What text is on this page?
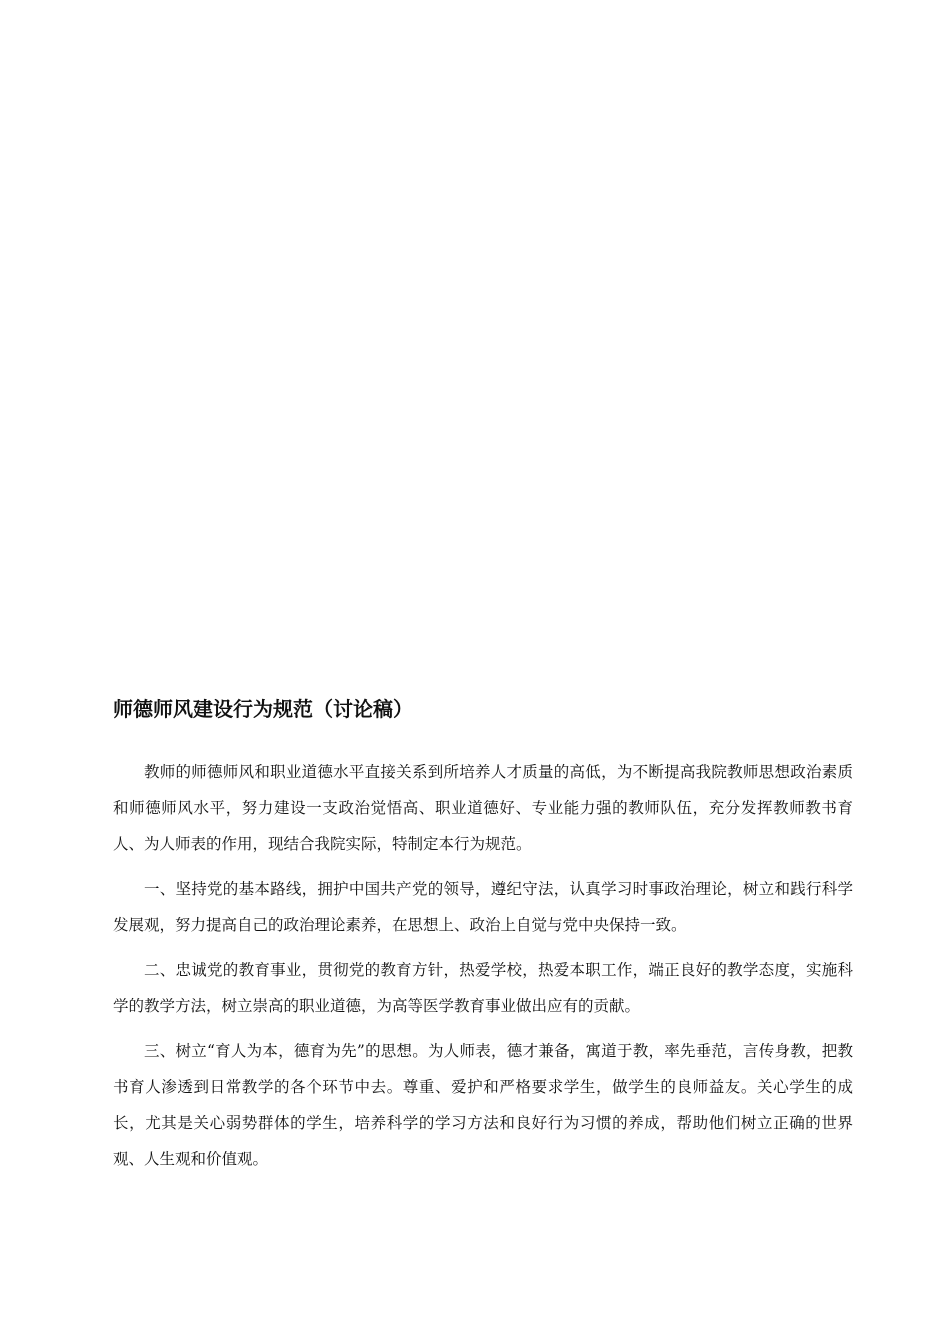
师德师风建设行为规范（讨论稿）

教师的师德师风和职业道德水平直接关系到所培养人才质量的高低，为不断提高我院教师思想政治素质和师德师风水平，努力建设一支政治觉悟高、职业道德好、专业能力强的教师队伍，充分发挥教师教书育人、为人师表的作用，现结合我院实际，特制定本行为规范。

一、坚持党的基本路线，拥护中国共产党的领导，遵纪守法，认真学习时事政治理论，树立和践行科学发展观，努力提高自己的政治理论素养，在思想上、政治上自觉与党中央保持一致。

二、忠诚党的教育事业，贯彻党的教育方针，热爱学校，热爱本职工作，端正良好的教学态度，实施科学的教学方法，树立崇高的职业道德，为高等医学教育事业做出应有的贡献。

三、树立“育人为本，德育为先”的思想。为人师表，德才兼备，寓道于教，率先垂范，言传身教，把教书育人渗透到日常教学的各个环节中去。尊重、爱护和严格要求学生，做学生的良师益友。关心学生的成长，尤其是关心弱势群体的学生，培养科学的学习方法和良好行为习惯的养成，帮助他们树立正确的世界观、人生观和价值观。
